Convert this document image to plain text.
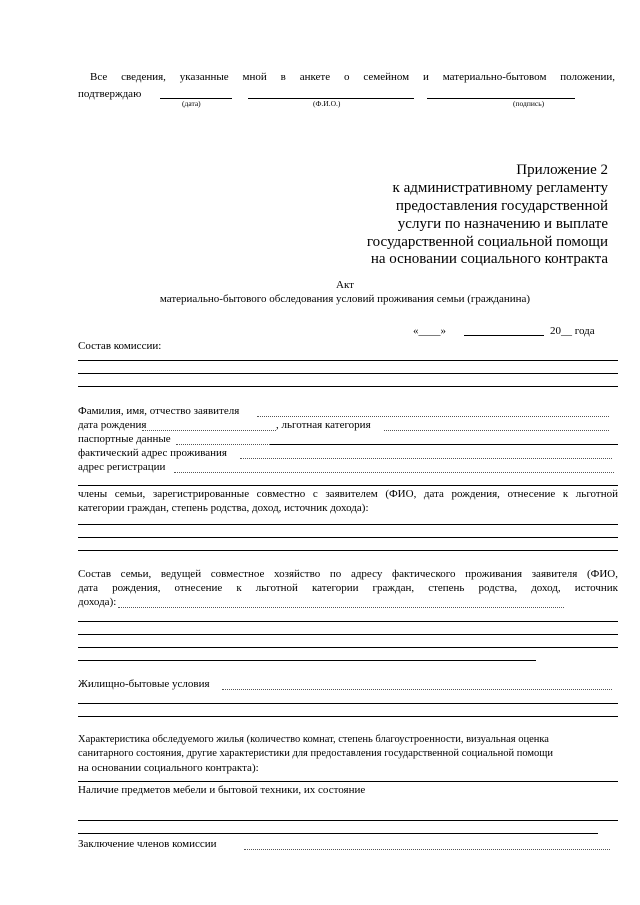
Все сведения, указанные мной в анкете о семейном и материально-бытовом положении,
подтверждаю
(дата)	(Ф.И.О.)	(подпись)
Приложение 2
к административному регламенту
предоставления государственной
услуги по назначению и выплате
государственной социальной помощи
на основании социального контракта
Акт
материально-бытового обследования условий проживания семьи (гражданина)
«____»	20__ года
Состав комиссии:
Фамилия, имя, отчество заявителя
дата рождения	, льготная категория
паспортные данные
фактический адрес проживания
адрес регистрации
члены семьи, зарегистрированные совместно с заявителем (ФИО, дата рождения, отнесение к льготной
категории граждан, степень родства, доход, источник дохода):
Состав семьи, ведущей совместное хозяйство по адресу фактического проживания заявителя (ФИО,
дата рождения, отнесение к льготной категории граждан, степень родства, доход, источник
дохода):
Жилищно-бытовые условия
Характеристика обследуемого жилья (количество комнат, степень благоустроенности, визуальная оценка
санитарного состояния, другие характеристики для предоставления государственной социальной помощи
на основании социального контракта):
Наличие предметов мебели и бытовой техники, их состояние
Заключение членов комиссии
